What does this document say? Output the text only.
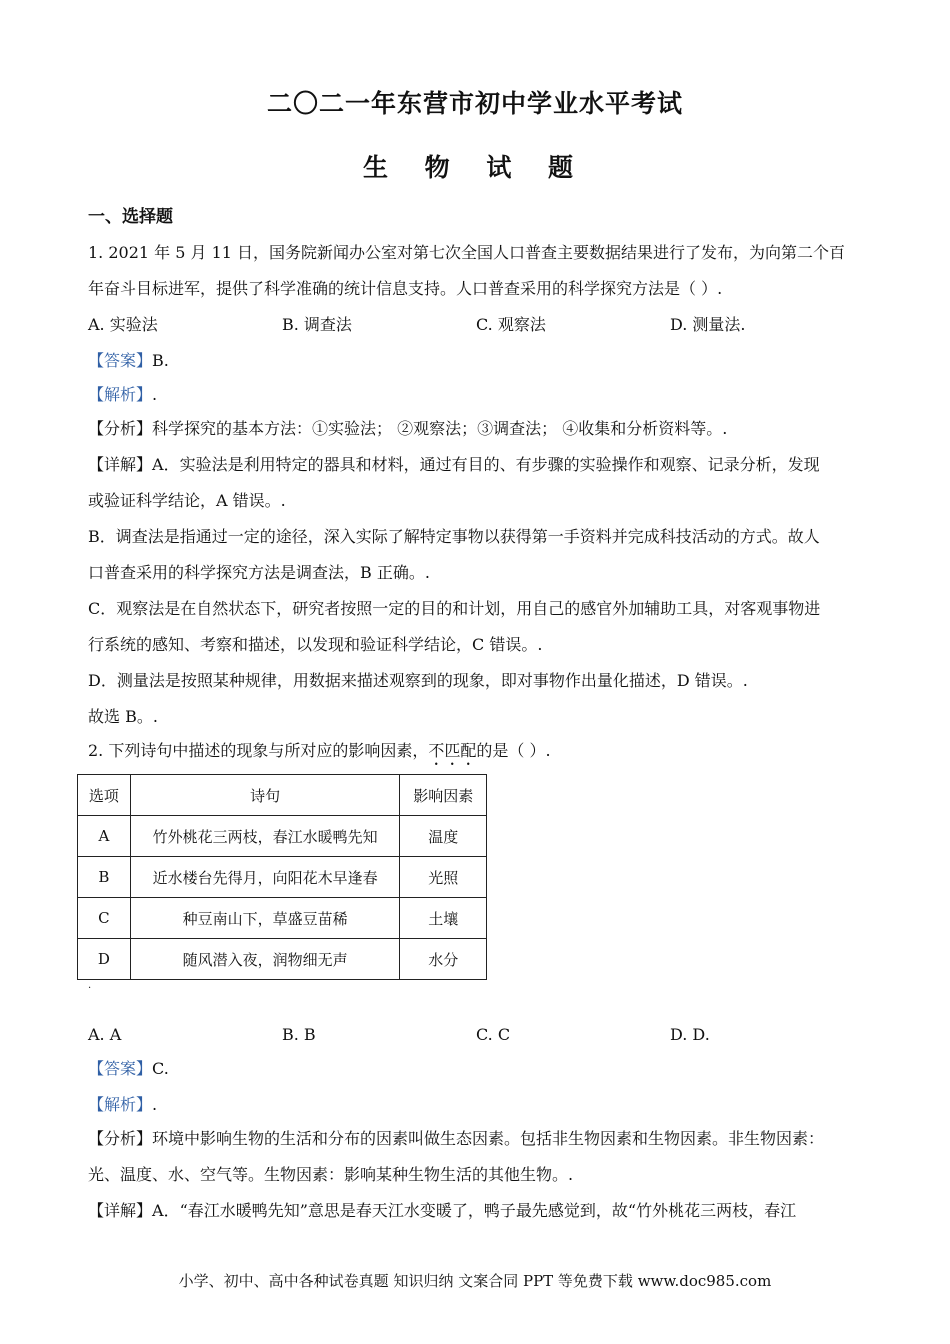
二〇二一年东营市初中学业水平考试
生 物 试 题
一、选择题
1. 2021 年 5 月 11 日，国务院新闻办公室对第七次全国人口普查主要数据结果进行了发布，为向第二个百
年奋斗目标进军，提供了科学准确的统计信息支持。人口普查采用的科学探究方法是（ ）.
A. 实验法	B. 调查法	C. 观察法	D. 测量法.
【答案】B.
【解析】.
【分析】科学探究的基本方法：①实验法； ②观察法；③调查法； ④收集和分析资料等。.
【详解】A．实验法是利用特定的器具和材料，通过有目的、有步骤的实验操作和观察、记录分析，发现
或验证科学结论，A 错误。.
B．调查法是指通过一定的途径，深入实际了解特定事物以获得第一手资料并完成科技活动的方式。故人
口普查采用的科学探究方法是调查法，B 正确。.
C．观察法是在自然状态下，研究者按照一定的目的和计划，用自己的感官外加辅助工具，对客观事物进
行系统的感知、考察和描述，以发现和验证科学结论，C 错误。.
D．测量法是按照某种规律，用数据来描述观察到的现象，即对事物作出量化描述，D 错误。.
故选 B。.
2. 下列诗句中描述的现象与所对应的影响因素，不匹配的是（ ）.
选项	诗句	影响因素
A	竹外桃花三两枝，春江水暖鸭先知	温度
B	近水楼台先得月，向阳花木早逢春	光照
C	种豆南山下，草盛豆苗稀	土壤
D	随风潜入夜，润物细无声	水分
.
A. A	B. B	C. C	D. D.
【答案】C.
【解析】.
【分析】环境中影响生物的生活和分布的因素叫做生态因素。包括非生物因素和生物因素。非生物因素：
光、温度、水、空气等。生物因素：影响某种生物生活的其他生物。.
【详解】A．“春江水暖鸭先知”意思是春天江水变暖了，鸭子最先感觉到，故“竹外桃花三两枝，春江
小学、初中、高中各种试卷真题 知识归纳 文案合同 PPT 等免费下载 www.doc985.com
